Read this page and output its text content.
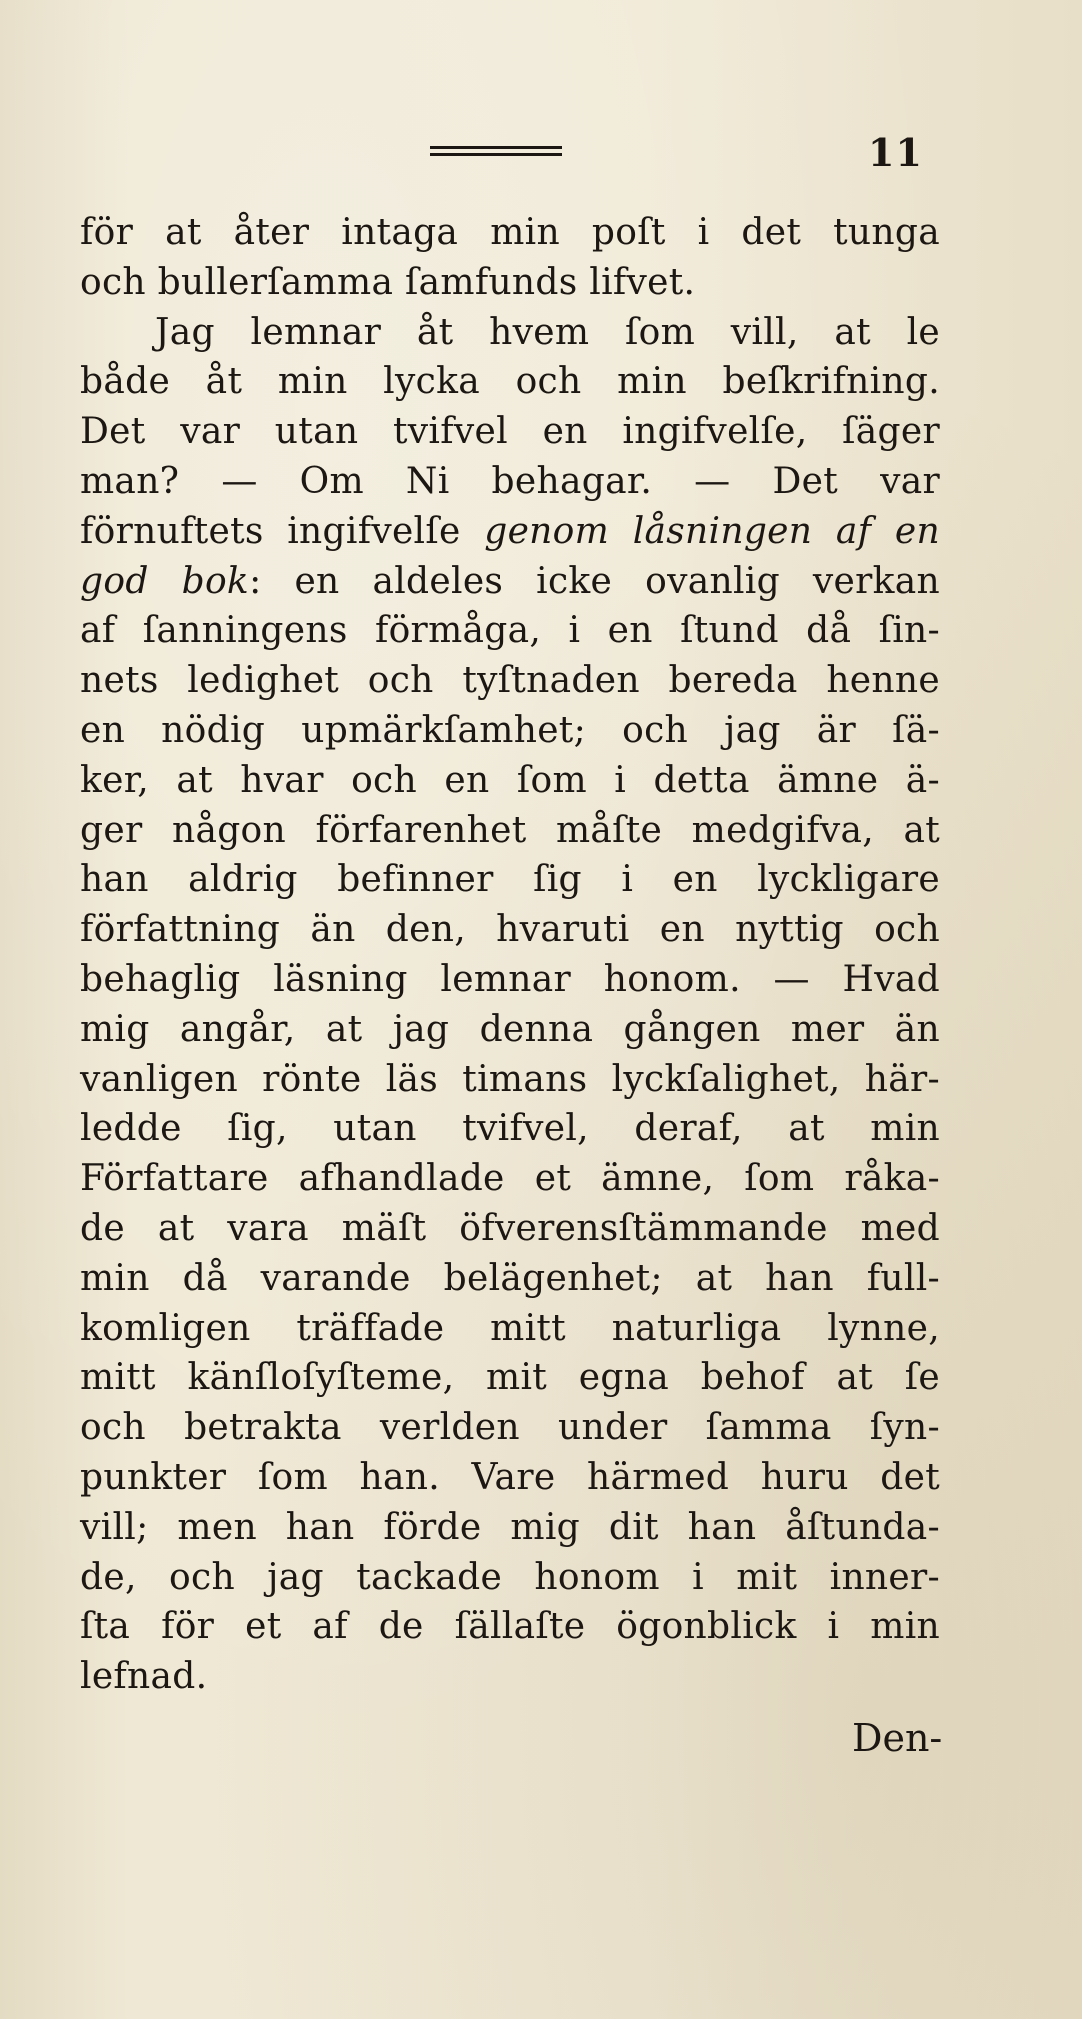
11
för at åter intaga min poſt i det tunga
och bullerſamma ſamfunds lifvet.
Jag lemnar åt hvem ſom vill, at le
både åt min lycka och min beſkrifning.
Det var utan tvifvel en ingifvelſe, ſäger
man? — Om Ni behagar. — Det var
förnuftets ingifvelſe genom låsningen af en
god bok: en aldeles icke ovanlig verkan
af ſanningens förmåga, i en ſtund då ſin-
nets ledighet och tyſtnaden bereda henne
en nödig upmärkſamhet; och jag är ſä-
ker, at hvar och en ſom i detta ämne ä-
ger någon förfarenhet måſte medgifva, at
han aldrig befinner ſig i en lyckligare
författning än den, hvaruti en nyttig och
behaglig läsning lemnar honom. — Hvad
mig angår, at jag denna gången mer än
vanligen rönte läs timans lyckſalighet, här-
ledde ſig, utan tvifvel, deraf, at min
Författare afhandlade et ämne, ſom råka-
de at vara mäſt öfverensſtämmande med
min då varande belägenhet; at han full-
komligen träffade mitt naturliga lynne,
mitt känſloſyſteme, mit egna behof at ſe
och betrakta verlden under ſamma ſyn-
punkter ſom han. Vare härmed huru det
vill; men han förde mig dit han åſtunda-
de, och jag tackade honom i mit inner-
ſta för et af de ſällaſte ögonblick i min
lefnad.
Den-
